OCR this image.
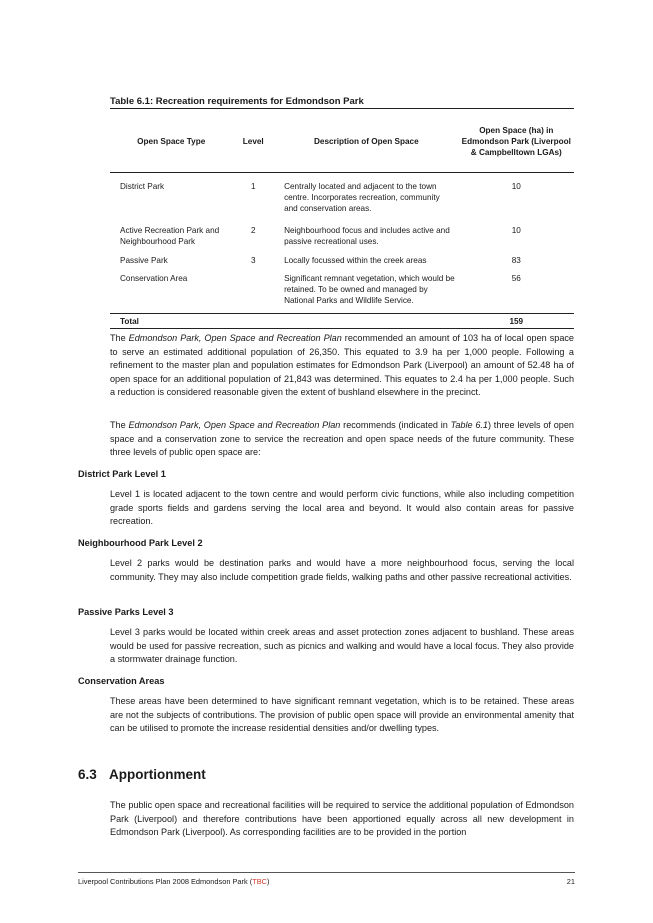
Table 6.1: Recreation requirements for Edmondson Park
Open Space Type	Level	Description of Open Space	Open Space (ha) in Edmondson Park (Liverpool & Campbelltown LGAs)
District Park	1	Centrally located and adjacent to the town centre. Incorporates recreation, community and conservation areas.	10
Active Recreation Park and Neighbourhood Park	2	Neighbourhood focus and includes active and passive recreational uses.	10
Passive Park	3	Locally focussed within the creek areas	83
Conservation Area		Significant remnant vegetation, which would be retained. To be owned and managed by National Parks and Wildlife Service.	56
Total			159

The Edmondson Park, Open Space and Recreation Plan recommended an amount of 103 ha of local open space to serve an estimated additional population of 26,350. This equated to 3.9 ha per 1,000 people. Following a refinement to the master plan and population estimates for Edmondson Park (Liverpool) an amount of 52.48 ha of open space for an additional population of 21,843 was determined. This equates to 2.4 ha per 1,000 people. Such a reduction is considered reasonable given the extent of bushland elsewhere in the precinct.

The Edmondson Park, Open Space and Recreation Plan recommends (indicated in Table 6.1) three levels of open space and a conservation zone to service the recreation and open space needs of the future community. These three levels of public open space are:

District Park Level 1

Level 1 is located adjacent to the town centre and would perform civic functions, while also including competition grade sports fields and gardens serving the local area and beyond. It would also contain areas for passive recreation.

Neighbourhood Park Level 2

Level 2 parks would be destination parks and would have a more neighbourhood focus, serving the local community. They may also include competition grade fields, walking paths and other passive recreational activities.

Passive Parks Level 3

Level 3 parks would be located within creek areas and asset protection zones adjacent to bushland. These areas would be used for passive recreation, such as picnics and walking and would have a local focus. They also provide a stormwater drainage function.

Conservation Areas

These areas have been determined to have significant remnant vegetation, which is to be retained. These areas are not the subjects of contributions. The provision of public open space will provide an environmental amenity that can be utilised to promote the increase residential densities and/or dwelling types.

6.3 Apportionment

The public open space and recreational facilities will be required to service the additional population of Edmondson Park (Liverpool) and therefore contributions have been apportioned equally across all new development in Edmondson Park (Liverpool). As corresponding facilities are to be provided in the portion

Liverpool Contributions Plan 2008 Edmondson Park (TBC)	21
